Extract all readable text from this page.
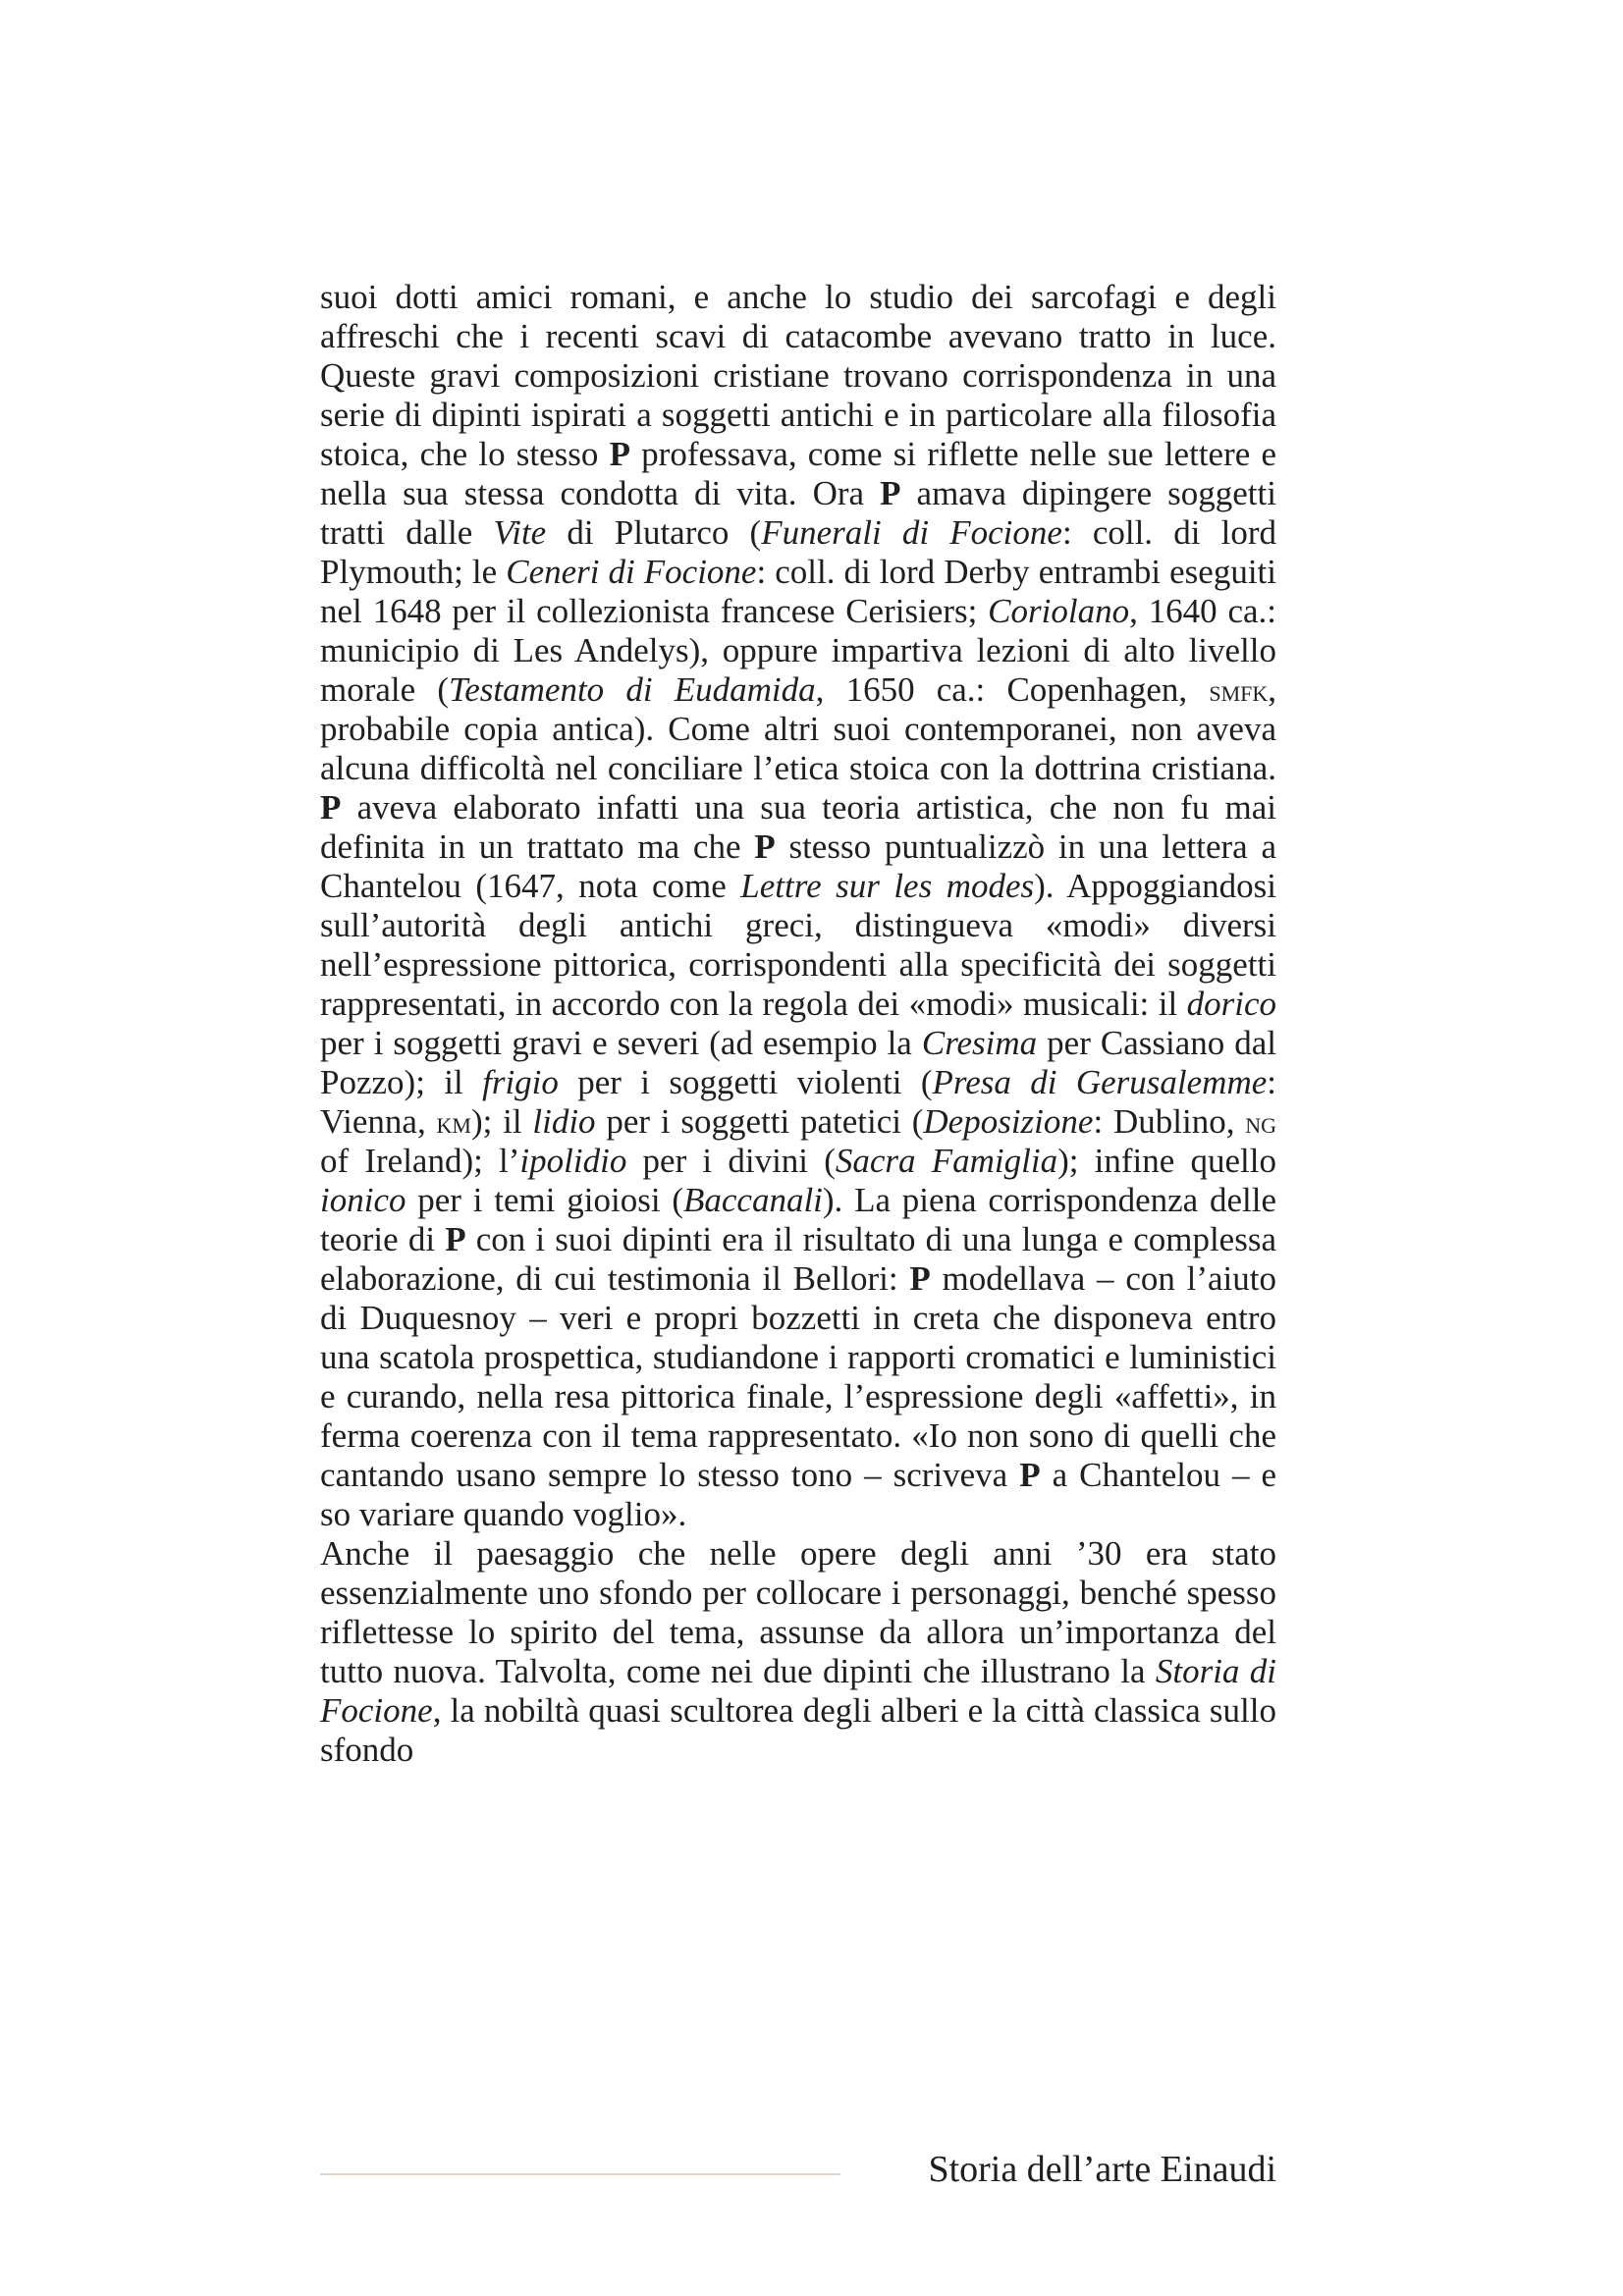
suoi dotti amici romani, e anche lo studio dei sarcofagi e degli affreschi che i recenti scavi di catacombe avevano tratto in luce. Queste gravi composizioni cristiane trovano corrispondenza in una serie di dipinti ispirati a soggetti antichi e in particolare alla filosofia stoica, che lo stesso P professava, come si riflette nelle sue lettere e nella sua stessa condotta di vita. Ora P amava dipingere soggetti tratti dalle Vite di Plutarco (Funerali di Focione: coll. di lord Plymouth; le Ceneri di Focione: coll. di lord Derby entrambi eseguiti nel 1648 per il collezionista francese Cerisiers; Coriolano, 1640 ca.: municipio di Les Andelys), oppure impartiva lezioni di alto livello morale (Testamento di Eudamida, 1650 ca.: Copenhagen, smfk, probabile copia antica). Come altri suoi contemporanei, non aveva alcuna difficoltà nel conciliare l’etica stoica con la dottrina cristiana. P aveva elaborato infatti una sua teoria artistica, che non fu mai definita in un trattato ma che P stesso puntualizzò in una lettera a Chantelou (1647, nota come Lettre sur les modes). Appoggiandosi sull’autorità degli antichi greci, distingueva «modi» diversi nell’espressione pittorica, corrispondenti alla specificità dei soggetti rappresentati, in accordo con la regola dei «modi» musicali: il dorico per i soggetti gravi e severi (ad esempio la Cresima per Cassiano dal Pozzo); il frigio per i soggetti violenti (Presa di Gerusalemme: Vienna, km); il lidio per i soggetti patetici (Deposizione: Dublino, ng of Ireland); l’ipolidio per i divini (Sacra Famiglia); infine quello ionico per i temi gioiosi (Baccanali). La piena corrispondenza delle teorie di P con i suoi dipinti era il risultato di una lunga e complessa elaborazione, di cui testimonia il Bellori: P modellava – con l’aiuto di Duquesnoy – veri e propri bozzetti in creta che disponeva entro una scatola prospettica, studiandone i rapporti cromatici e luministici e curando, nella resa pittorica finale, l’espressione degli «affetti», in ferma coerenza con il tema rappresentato. «Io non sono di quelli che cantando usano sempre lo stesso tono – scriveva P a Chantelou – e so variare quando voglio».

Anche il paesaggio che nelle opere degli anni ’30 era stato essenzialmente uno sfondo per collocare i personaggi, benché spesso riflettesse lo spirito del tema, assunse da allora un’importanza del tutto nuova. Talvolta, come nei due dipinti che illustrano la Storia di Focione, la nobiltà quasi scultorea degli alberi e la città classica sullo sfondo

Storia dell’arte Einaudi
